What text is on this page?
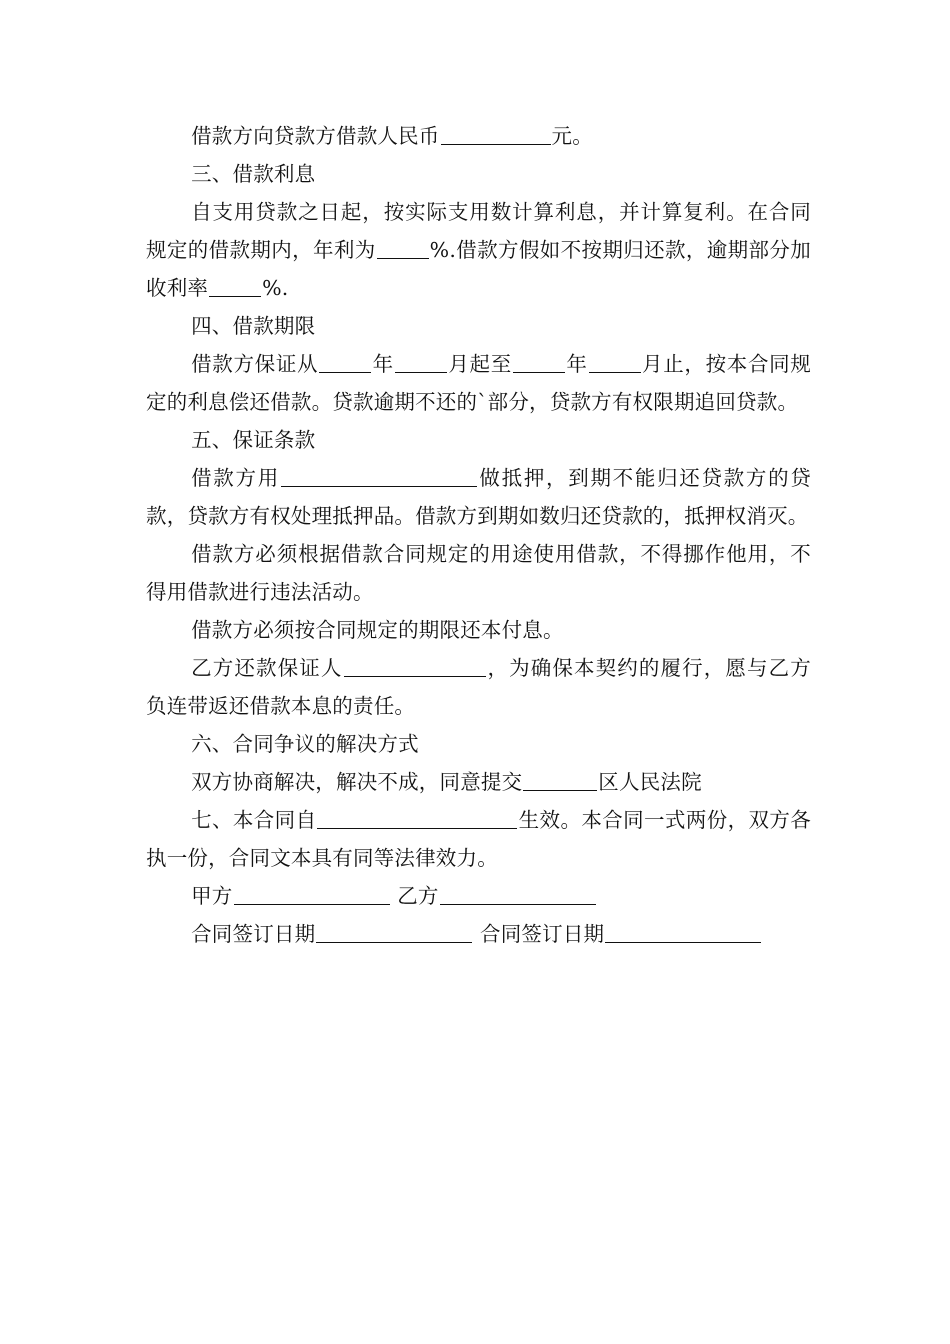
借款方向贷款方借款人民币	元。

三、借款利息

自支用贷款之日起，按实际支用数计算利息，并计算复利。在合同规定的借款期内，年利为	%.借款方假如不按期归还款，逾期部分加收利率	%.

四、借款期限

借款方保证从	年	月起至	年	月止，按本合同规定的利息偿还借款。贷款逾期不还的`部分，贷款方有权限期追回贷款。

五、保证条款

借款方用	做抵押，到期不能归还贷款方的贷款，贷款方有权处理抵押品。借款方到期如数归还贷款的，抵押权消灭。

借款方必须根据借款合同规定的用途使用借款，不得挪作他用，不得用借款进行违法活动。

借款方必须按合同规定的期限还本付息。

乙方还款保证人	，为确保本契约的履行，愿与乙方负连带返还借款本息的责任。

六、合同争议的解决方式

双方协商解决，解决不成，同意提交	区人民法院

七、本合同自	生效。本合同一式两份，双方各执一份，合同文本具有同等法律效力。

甲方	乙方

合同签订日期	合同签订日期
